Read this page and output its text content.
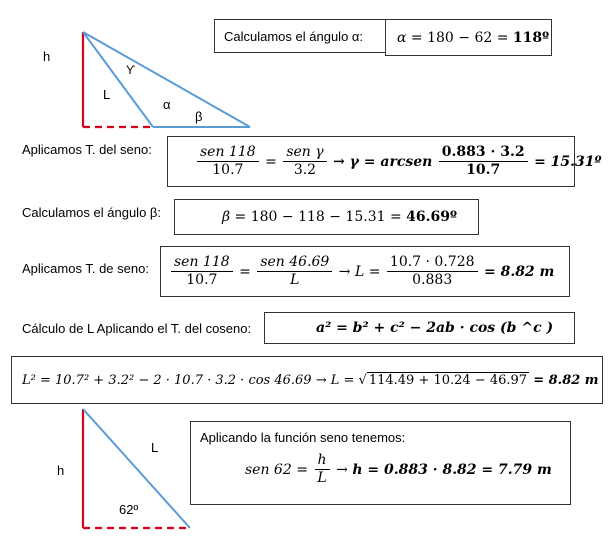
h
L
ϒ
α
β
Calculamos el ángulo α: α = 180 − 62 = 118º
Aplicamos T. del seno:	$\frac{\text{sen 118}}{10.7} = \frac{\text{sen γ}}{3.2} \to \gamma$ = arcsen $\frac{0.883 \cdot 3.2}{10.7}$ = 15.31º
Calculamos el ángulo β:	β = 180 − 118 − 15.31 = 46.69º
Aplicamos T. de seno: $\frac{\text{sen 118}}{10.7} = \frac{\text{sen 46.69}}{L} \to L = \frac{10.7 \cdot 0.728}{0.883} = 8.82$ m
Cálculo de L Aplicando el T. del coseno:	a² = b² + c² − 2ab · cos (b ^c )
L² = 10.7² + 3.2² − 2 · 10.7 · 3.2 · cos 46.69 → L = √ 114.49 + 10.24 − 46.97 = 8.82 m
h
L
62º
Aplicando la función seno tenemos:
sen $62 = \frac{h}{L} \to h = 0.883 \cdot 8.82 = 7.79$ m
